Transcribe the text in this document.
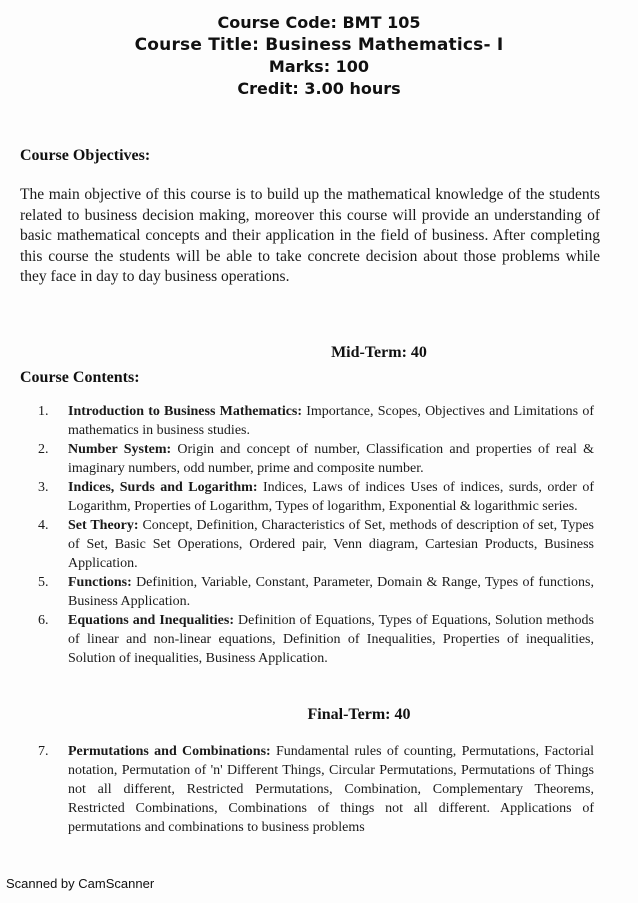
Course Code: BMT 105

Course Title: Business Mathematics- I

Marks: 100

Credit: 3.00 hours

Course Objectives:
The main objective of this course is to build up the mathematical knowledge of the students related to business decision making, moreover this course will provide an understanding of basic mathematical concepts and their application in the field of business. After completing this course the students will be able to take concrete decision about those problems while they face in day to day business operations.
Mid-Term: 40
Course Contents:
1. Introduction to Business Mathematics: Importance, Scopes, Objectives and Limitations of mathematics in business studies.
2. Number System: Origin and concept of number, Classification and properties of real & imaginary numbers, odd number, prime and composite number.
3. Indices, Surds and Logarithm: Indices, Laws of indices Uses of indices, surds, order of Logarithm, Properties of Logarithm, Types of logarithm, Exponential & logarithmic series.
4. Set Theory: Concept, Definition, Characteristics of Set, methods of description of set, Types of Set, Basic Set Operations, Ordered pair, Venn diagram, Cartesian Products, Business Application.
5. Functions: Definition, Variable, Constant, Parameter, Domain & Range, Types of functions, Business Application.
6. Equations and Inequalities: Definition of Equations, Types of Equations, Solution methods of linear and non-linear equations, Definition of Inequalities, Properties of inequalities, Solution of inequalities, Business Application.
Final-Term: 40
7. Permutations and Combinations: Fundamental rules of counting, Permutations, Factorial notation, Permutation of 'n' Different Things, Circular Permutations, Permutations of Things not all different, Restricted Permutations, Combination, Complementary Theorems, Restricted Combinations, Combinations of things not all different. Applications of permutations and combinations to business problems
Scanned by CamScanner
